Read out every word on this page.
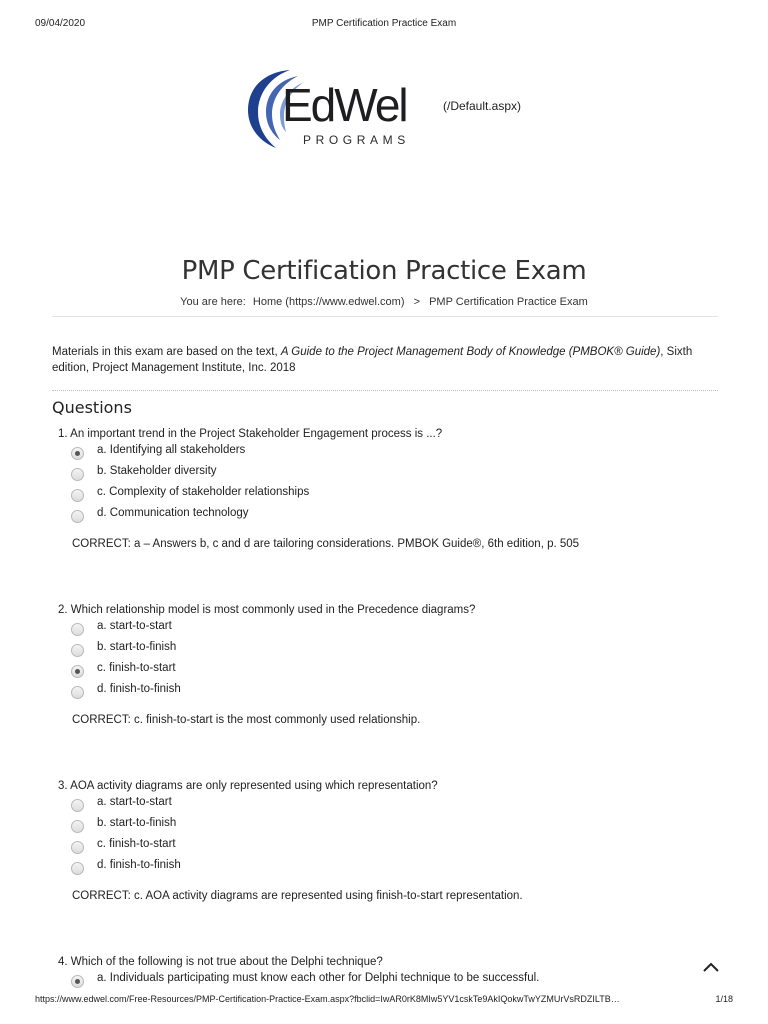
09/04/2020	PMP Certification Practice Exam
EdWel
PROGRAMS
(/Default.aspx)
PMP Certification Practice Exam
You are here: Home (https://www.edwel.com) > PMP Certification Practice Exam
Materials in this exam are based on the text, A Guide to the Project Management Body of Knowledge (PMBOK® Guide), Sixth edition, Project Management Institute, Inc. 2018
Questions
1. An important trend in the Project Stakeholder Engagement process is ...?
a. Identifying all stakeholders
b. Stakeholder diversity
c. Complexity of stakeholder relationships
d. Communication technology
CORRECT: a – Answers b, c and d are tailoring considerations. PMBOK Guide®, 6th edition, p. 505
2. Which relationship model is most commonly used in the Precedence diagrams?
a. start-to-start
b. start-to-finish
c. finish-to-start
d. finish-to-finish
CORRECT: c. finish-to-start is the most commonly used relationship.
3. AOA activity diagrams are only represented using which representation?
a. start-to-start
b. start-to-finish
c. finish-to-start
d. finish-to-finish
CORRECT: c. AOA activity diagrams are represented using finish-to-start representation.
4. Which of the following is not true about the Delphi technique?
a. Individuals participating must know each other for Delphi technique to be successful.
https://www.edwel.com/Free-Resources/PMP-Certification-Practice-Exam.aspx?fbclid=IwAR0rK8MIw5YV1cskTe9AkIQokwTwYZMUrVsRDZILTB…	1/18
